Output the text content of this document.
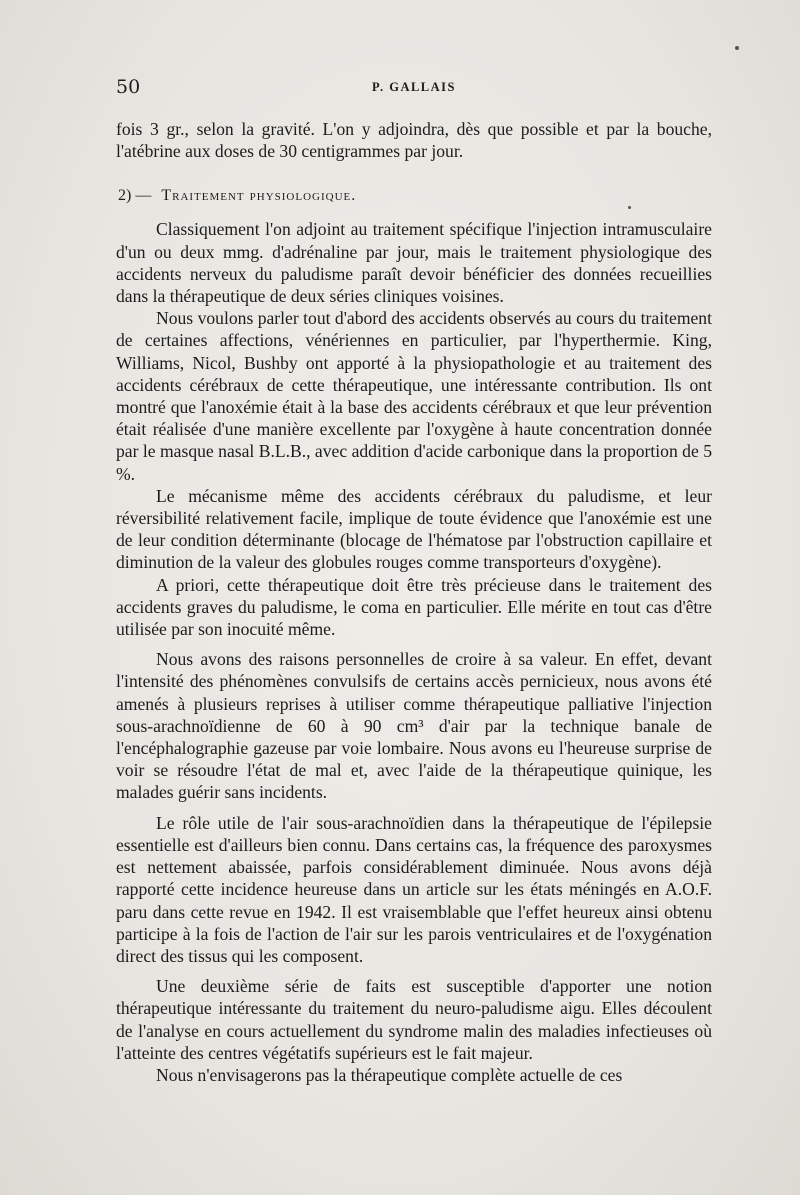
50	P. GALLAIS

fois 3 gr., selon la gravité. L'on y adjoindra, dès que possible et par la bouche, l'atébrine aux doses de 30 centigrammes par jour.

2) — Traitement physiologique.

Classiquement l'on adjoint au traitement spécifique l'injection intramusculaire d'un ou deux mmg. d'adrénaline par jour, mais le traitement physiologique des accidents nerveux du paludisme paraît devoir bénéficier des données recueillies dans la thérapeutique de deux séries cliniques voisines.

Nous voulons parler tout d'abord des accidents observés au cours du traitement de certaines affections, vénériennes en particulier, par l'hyperthermie. King, Williams, Nicol, Bushby ont apporté à la physiopathologie et au traitement des accidents cérébraux de cette thérapeutique, une intéressante contribution. Ils ont montré que l'anoxémie était à la base des accidents cérébraux et que leur prévention était réalisée d'une manière excellente par l'oxygène à haute concentration donnée par le masque nasal B.L.B., avec addition d'acide carbonique dans la proportion de 5 %.

Le mécanisme même des accidents cérébraux du paludisme, et leur réversibilité relativement facile, implique de toute évidence que l'anoxémie est une de leur condition déterminante (blocage de l'hématose par l'obstruction capillaire et diminution de la valeur des globules rouges comme transporteurs d'oxygène).

A priori, cette thérapeutique doit être très précieuse dans le traitement des accidents graves du paludisme, le coma en particulier. Elle mérite en tout cas d'être utilisée par son inocuité même.

Nous avons des raisons personnelles de croire à sa valeur. En effet, devant l'intensité des phénomènes convulsifs de certains accès pernicieux, nous avons été amenés à plusieurs reprises à utiliser comme thérapeutique palliative l'injection sous-arachnoïdienne de 60 à 90 cm³ d'air par la technique banale de l'encéphalographie gazeuse par voie lombaire. Nous avons eu l'heureuse surprise de voir se résoudre l'état de mal et, avec l'aide de la thérapeutique quinique, les malades guérir sans incidents.

Le rôle utile de l'air sous-arachnoïdien dans la thérapeutique de l'épilepsie essentielle est d'ailleurs bien connu. Dans certains cas, la fréquence des paroxysmes est nettement abaissée, parfois considérablement diminuée. Nous avons déjà rapporté cette incidence heureuse dans un article sur les états méningés en A.O.F. paru dans cette revue en 1942. Il est vraisemblable que l'effet heureux ainsi obtenu participe à la fois de l'action de l'air sur les parois ventriculaires et de l'oxygénation direct des tissus qui les composent.

Une deuxième série de faits est susceptible d'apporter une notion thérapeutique intéressante du traitement du neuro-paludisme aigu. Elles découlent de l'analyse en cours actuellement du syndrome malin des maladies infectieuses où l'atteinte des centres végétatifs supérieurs est le fait majeur.

Nous n'envisagerons pas la thérapeutique complète actuelle de ces
